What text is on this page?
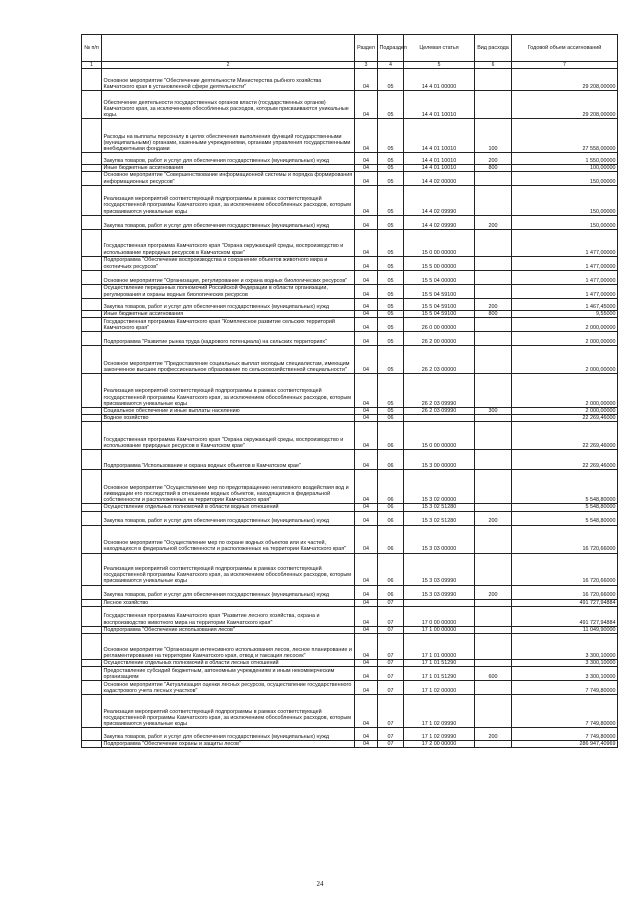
№ п/п		Раздел	Подраздел	Целевая статья	Вид расхода	Годовой объем ассигнований
1	2	3	4	5	6	7
	Основное мероприятие "Обеспечение деятельности Министерства рыбного хозяйства Камчатского края в установленной сфере деятельности"	04	05	14 4 01 00000		29 208,00000
	Обеспечение деятельности государственных органов власти (государственных органов) Камчатского края, за исключением обособленных расходов, которым присваиваются уникальные коды.	04	05	14 4 01 10010		29 208,00000
	Расходы на выплаты персоналу в целях обеспечения выполнения функций государственными (муниципальными) органами, казенными учреждениями, органами управления государственными внебюджетными фондами	04	05	14 4 01 10010	100	27 558,00000
	Закупка товаров, работ и услуг для обеспечения государственных (муниципальных) нужд	04	05	14 4 01 10010	200	1 550,00000
	Иные бюджетные ассигнования	04	05	14 4 01 10010	800	100,00000
	Основное мероприятие "Совершенствование информационной системы и порядка формирования информационных ресурсов"	04	05	14 4 02 00000		150,00000
	Реализация мероприятий соответствующей подпрограммы в рамках соответствующей государственной программы Камчатского края, за исключением обособленных расходов, которым присваиваются уникальные коды	04	05	14 4 02 09990		150,00000
	Закупка товаров, работ и услуг для обеспечения государственных (муниципальных) нужд	04	05	14 4 02 09990	200	150,00000
	Государственная программа Камчатского края "Охрана окружающей среды, воспроизводство и использование природных ресурсов в Камчатском крае"	04	05	15 0 00 00000		1 477,00000
	Подпрограмма "Обеспечение воспроизводства и сохранение объектов животного мира и охотничьих ресурсов"	04	05	15 5 00 00000		1 477,00000
	Основное мероприятие "Организация, регулирование и охрана водных биологических ресурсов"	04	05	15 5 04 00000		1 477,00000
	Осуществление переданных полномочий Российской Федерации в области организации, регулирования и охраны водных биологических ресурсов	04	05	15 5 04 59100		1 477,00000
	Закупка товаров, работ и услуг для обеспечения государственных (муниципальных) нужд	04	05	15 5 04 59100	200	1 467,45000
	Иные бюджетные ассигнования	04	05	15 5 04 59100	800	9,55000
	Государственная программа Камчатского края "Комплексное развитие сельских территорий Камчатского края"	04	05	26 0 00 00000		2 000,00000
	Подпрограмма "Развитие рынка труда (кадрового потенциала) на сельских территориях"	04	05	26 2 00 00000		2 000,00000
	Основное мероприятие "Предоставление социальных выплат молодым специалистам, имеющим законченное высшее профессиональное образование по сельскохозяйственной специальности"	04	05	26 2 03 00000		2 000,00000
	Реализация мероприятий соответствующей подпрограммы в рамках соответствующей государственной программы Камчатского края, за исключением обособленных расходов, которым присваиваются уникальные коды	04	05	26 2 03 09990		2 000,00000
	Социальное обеспечение и иные выплаты населению	04	05	26 2 03 09990	300	2 000,00000
	Водное хозяйство	04	06			22 269,46000
	Государственная программа Камчатского края "Охрана окружающей среды, воспроизводство и использование природных ресурсов в Камчатском крае"	04	06	15 0 00 00000		22 269,46000
	Подпрограмма "Использование и охрана водных объектов в Камчатском крае"	04	06	15 3 00 00000		22 269,46000
	Основное мероприятие "Осуществление мер по предотвращению негативного воздействия вод и ликвидации его последствий в отношении водных объектов, находящихся в федеральной собственности и расположенных на территории Камчатского края"	04	06	15 3 02 00000		5 548,80000
	Осуществление отдельных полномочий в области водных отношений	04	06	15 3 02 51280		5 548,80000
	Закупка товаров, работ и услуг для обеспечения государственных (муниципальных) нужд	04	06	15 3 02 51280	200	5 548,80000
	Основное мероприятие "Осуществление мер по охране водных объектов или их частей, находящихся в федеральной собственности и расположенных на территории Камчатского края"	04	06	15 3 03 00000		16 720,66000
	Реализация мероприятий соответствующей подпрограммы в рамках соответствующей государственной программы Камчатского края, за исключением обособленных расходов, которым присваиваются уникальные коды	04	06	15 3 03 09990		16 720,66000
	Закупка товаров, работ и услуг для обеспечения государственных (муниципальных) нужд	04	06	15 3 03 09990	200	16 720,66000
	Лесное хозяйство	04	07			491 727,94884
	Государственная программа Камчатского края "Развитие лесного хозяйства, охрана и воспроизводство животного мира на территории Камчатского края"	04	07	17 0 00 00000		491 727,94884
	Подпрограмма "Обеспечение использования лесов"	04	07	17 1 00 00000		11 049,90000
	Основное мероприятие "Организация интенсивного использования лесов, лесное планирование и регламентирование на территории Камчатского края, отвод и таксация лесосек"	04	07	17 1 01 00000		3 300,10000
	Осуществление отдельных полномочий в области лесных отношений	04	07	17 1 01 51290		3 300,10000
	Предоставление субсидий бюджетным, автономным учреждениям и иным некоммерческим организациям	04	07	17 1 01 51290	600	3 300,10000
	Основное мероприятие "Актуализация оценки лесных ресурсов, осуществление государственного кадастрового учета лесных участков"	04	07	17 1 02 00000		7 749,80000
	Реализация мероприятий соответствующей подпрограммы в рамках соответствующей государственной программы Камчатского края, за исключением обособленных расходов, которым присваиваются уникальные коды	04	07	17 1 02 09990		7 749,80000
	Закупка товаров, работ и услуг для обеспечения государственных (муниципальных) нужд	04	07	17 1 02 09990	200	7 749,80000
	Подпрограмма "Обеспечение охраны и защиты лесов"	04	07	17 2 00 00000		286 947,40969
24
